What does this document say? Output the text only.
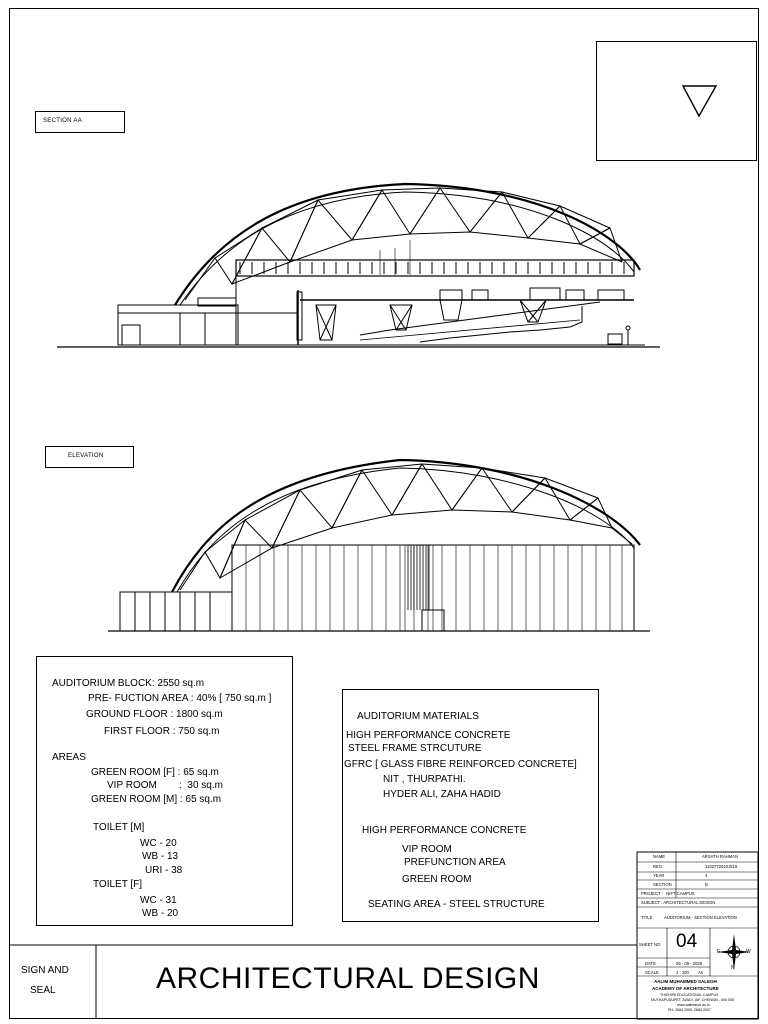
SECTION AA
ELEVATION
AUDITORIUM BLOCK: 2550 sq.m
PRE- FUCTION AREA : 40% [ 750 sq.m ]
GROUND FLOOR : 1800 sq.m
FIRST FLOOR : 750 sq.m
AREAS
GREEN ROOM [F] : 65 sq.m
VIP ROOM        :  30 sq.m
GREEN ROOM [M] : 65 sq.m
TOILET [M]
WC - 20
WB - 13
URI - 38
TOILET [F]
WC - 31
WB - 20
AUDITORIUM MATERIALS
HIGH PERFORMANCE CONCRETE
STEEL FRAME STRCUTURE
GFRC [ GLASS FIBRE REINFORCED CONCRETE]
NIT , THURPATHI.
HYDER ALI, ZAHA HADID
HIGH PERFORMANCE CONCRETE
VIP ROOM
PREFUNCTION AREA
GREEN ROOM
SEATING AREA - STEEL STRUCTURE
SIGN AND
SEAL	ARCHITECTURAL DESIGN
NAME	ARSATH RAHMAN
REG	11027720101516
YEAR	4
SECTION	B
PROJECT :   NIFT CAMPUS
SUBJECT : ARCHITECTURAL DESIGN
TITLE	AUDITORIUM - SECTION ELEVATION
SHEET NO 04
DATE	26 - 09 - 2020
SCALE	1 : 100 As
E	W
N
AALIM MUHAMMED SALEGH
ACADEMY OF ARCHITECTURE
THIZHIPA EDUCATIONAL CAMPUS
MUTHAPUDUPET, AVADI, IAF, CHENNAI - 600 055
www.aalimarch.ac.in
PH: 2684 2095, 2684 2057
